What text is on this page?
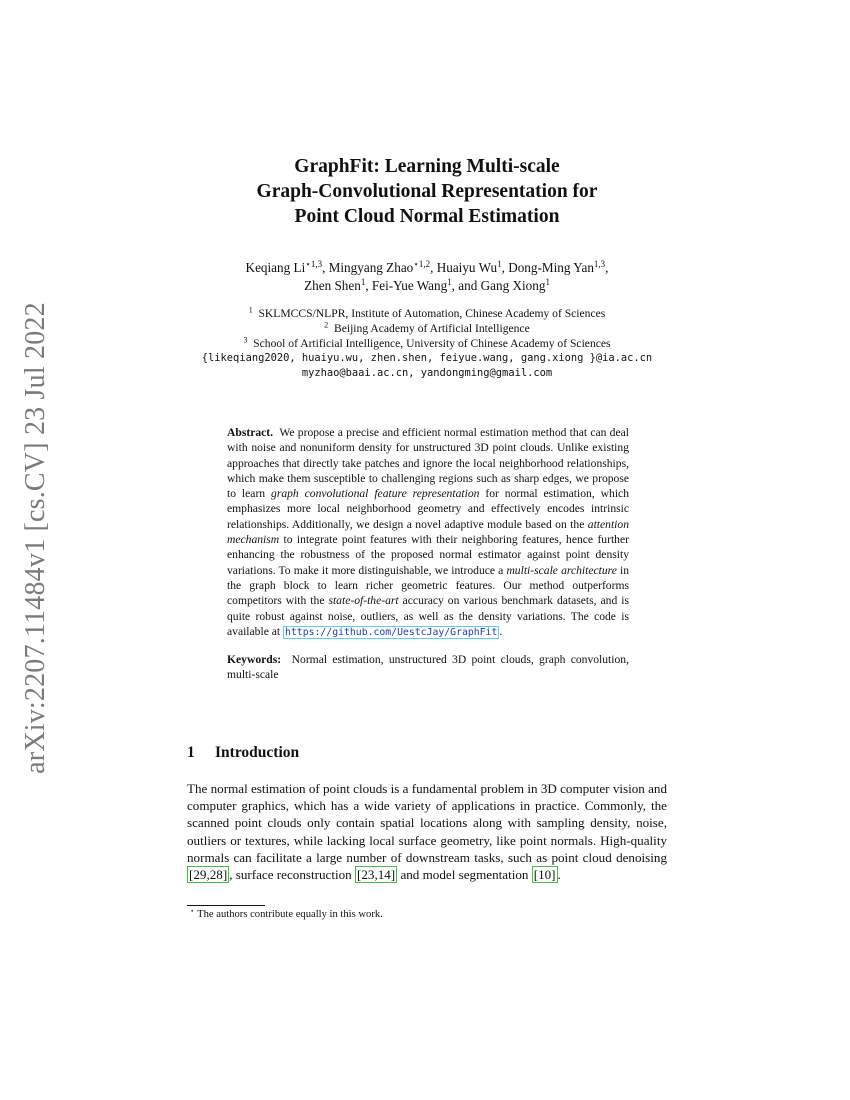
arXiv:2207.11484v1 [cs.CV] 23 Jul 2022
GraphFit: Learning Multi-scale
Graph-Convolutional Representation for
Point Cloud Normal Estimation
Keqiang $Li^{⋆1,3}$, Mingyang Zhao$^{⋆1,2}$, Huaiyu Wu$^1$, Dong-Ming Yan$^{1,3}$,
Zhen Shen$^1$, Fei-Yue Wang$^1$, and Gang Xiong$^1$
$^1$ SKLMCCS/NLPR, Institute of Automation, Chinese Academy of Sciences
$^2$ Beijing Academy of Artificial Intelligence
$^3$ School of Artificial Intelligence, University of Chinese Academy of Sciences
{likeqiang2020, huaiyu.wu, zhen.shen, feiyue.wang, gang.xiong }@ia.ac.cn
myzhao@baai.ac.cn, yandongming@gmail.com

Abstract. We propose a precise and efficient normal estimation method that can deal with noise and nonuniform density for unstructured 3D point clouds. Unlike existing approaches that directly take patches and ignore the local neighborhood relationships, which make them susceptible to challenging regions such as sharp edges, we propose to learn graph convolutional feature representation for normal estimation, which emphasizes more local neighborhood geometry and effectively encodes intrinsic relationships. Additionally, we design a novel adaptive module based on the attention mechanism to integrate point features with their neighboring features, hence further enhancing the robustness of the proposed normal estimator against point density variations. To make it more distinguishable, we introduce a multi-scale architecture in the graph block to learn richer geometric features. Our method outperforms competitors with the state-of-the-art accuracy on various benchmark datasets, and is quite robust against noise, outliers, as well as the density variations. The code is available at https://github.com/UestcJay/GraphFit .

Keywords: Normal estimation, unstructured 3D point clouds, graph convolution, multi-scale

1 Introduction

The normal estimation of point clouds is a fundamental problem in 3D computer vision and computer graphics, which has a wide variety of applications in practice. Commonly, the scanned point clouds only contain spatial locations along with sampling density, noise, outliers or textures, while lacking local surface geometry, like point normals. High-quality normals can facilitate a large number of downstream tasks, such as point cloud denoising [29,28] , surface reconstruction [23,14] and model segmentation [10] .

⋆ The authors contribute equally in this work.
